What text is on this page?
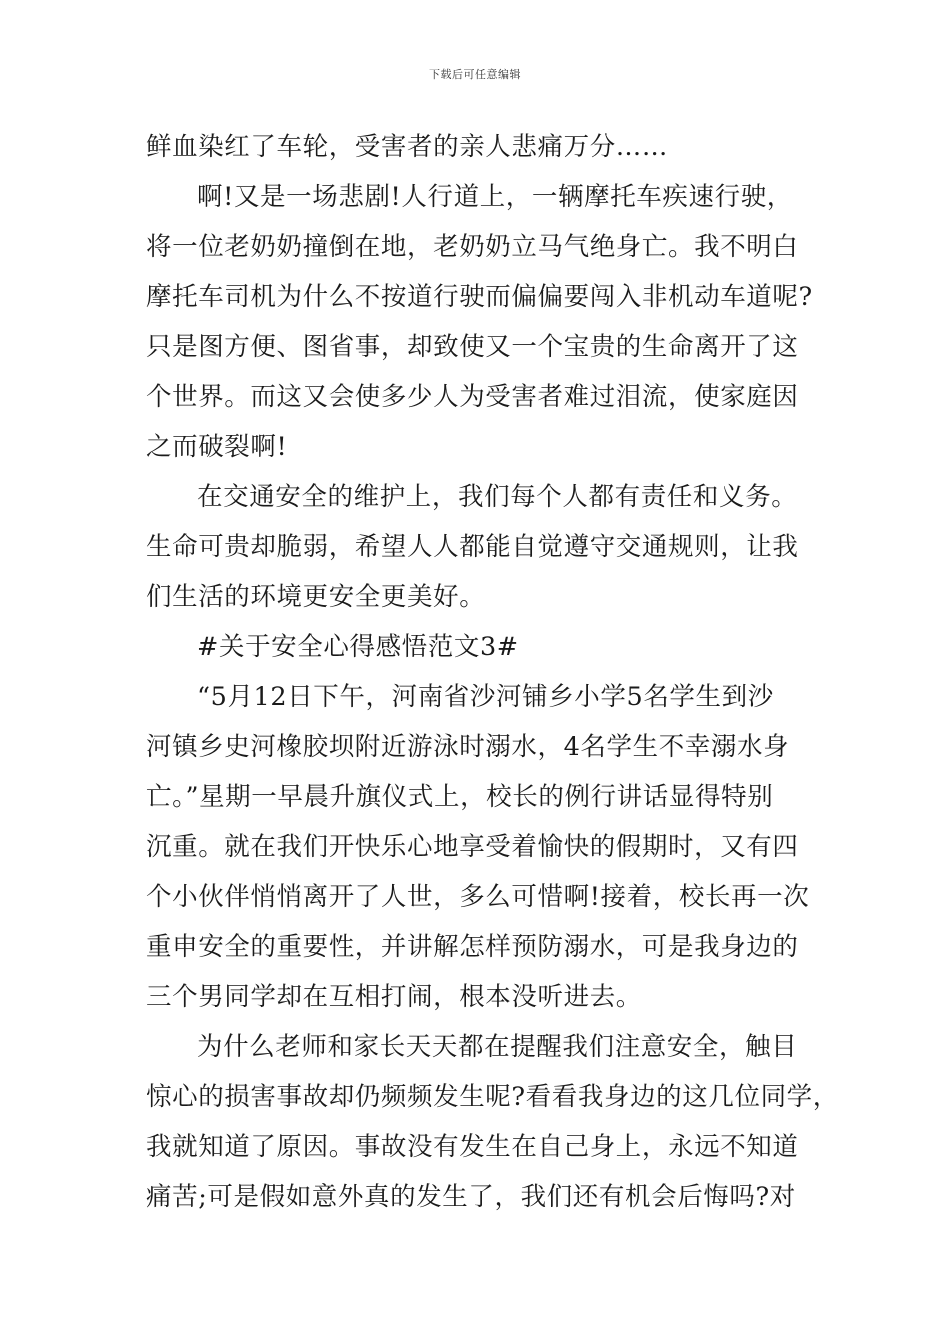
下载后可任意编辑
鲜血染红了车轮，受害者的亲人悲痛万分……
啊!又是一场悲剧!人行道上，一辆摩托车疾速行驶，
将一位老奶奶撞倒在地，老奶奶立马气绝身亡。我不明白
摩托车司机为什么不按道行驶而偏偏要闯入非机动车道呢?
只是图方便、图省事，却致使又一个宝贵的生命离开了这
个世界。而这又会使多少人为受害者难过泪流，使家庭因
之而破裂啊!
在交通安全的维护上，我们每个人都有责任和义务。
生命可贵却脆弱，希望人人都能自觉遵守交通规则，让我
们生活的环境更安全更美好。
#关于安全心得感悟范文3#
“5月12日下午，河南省沙河铺乡小学5名学生到沙
河镇乡史河橡胶坝附近游泳时溺水，4名学生不幸溺水身
亡。”星期一早晨升旗仪式上，校长的例行讲话显得特别
沉重。就在我们开快乐心地享受着愉快的假期时，又有四
个小伙伴悄悄离开了人世，多么可惜啊!接着，校长再一次
重申安全的重要性，并讲解怎样预防溺水，可是我身边的
三个男同学却在互相打闹，根本没听进去。
为什么老师和家长天天都在提醒我们注意安全，触目
惊心的损害事故却仍频频发生呢?看看我身边的这几位同学，
我就知道了原因。事故没有发生在自己身上，永远不知道
痛苦;可是假如意外真的发生了，我们还有机会后悔吗?对
